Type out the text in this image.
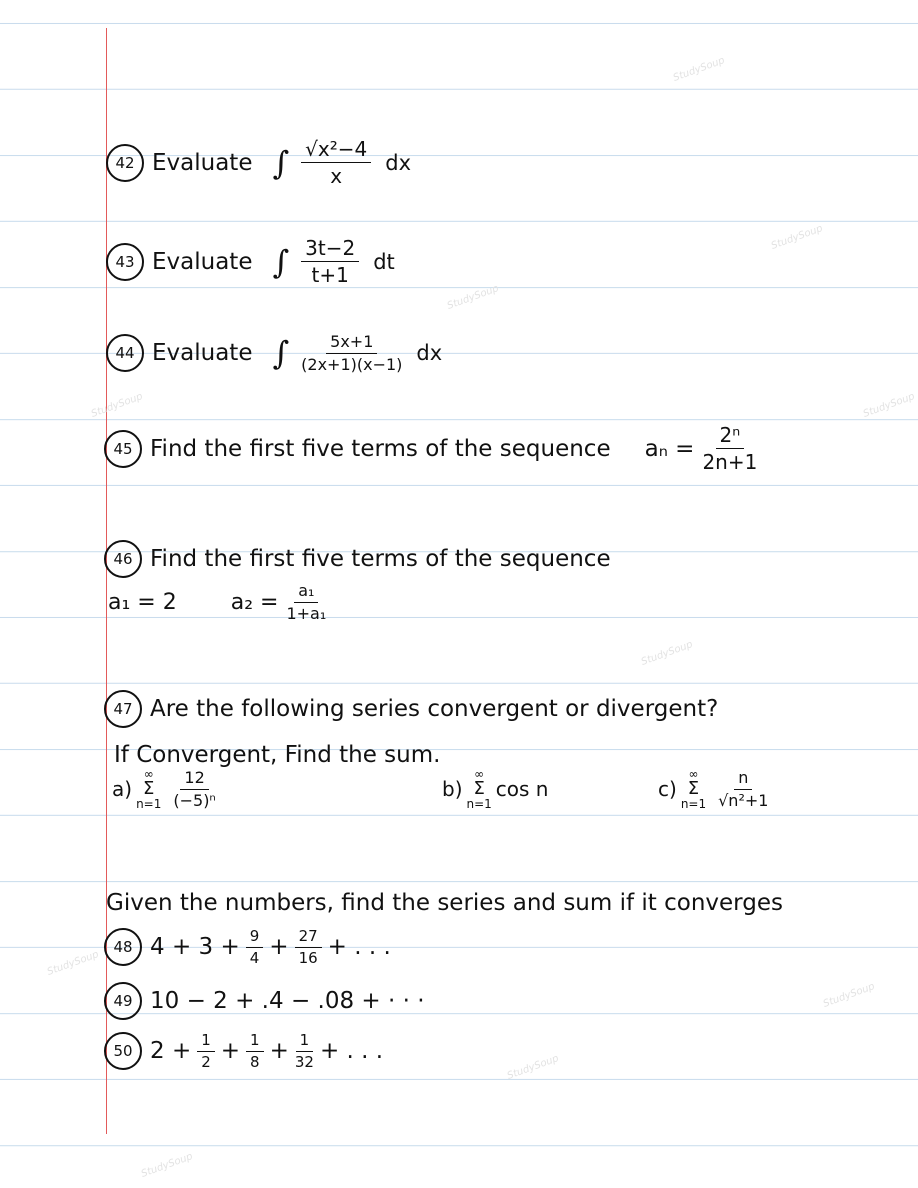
StudySoup
StudySoup
StudySoup
StudySoup	StudySoup
StudySoup
StudySoup
StudySoup
StudySoup
StudySoup
42 Evaluate ∫ $\frac{\text{√x²−4}}{x}$ dx
43 Evaluate ∫ $\frac{3t-2}{t+1}$ dt
44 Evaluate ∫ $\frac{5x+1}{(2x+1)(x-1)}$ dx
45 Find the first five terms of the sequence $a_n = \frac{\text{2ⁿ}}{2n+1}$
46 Find the first five terms of the sequence
a₁ = 2 $a_2 = \frac{\text{a₁}}{\text{1+a₁}}$
47 Are the following series convergent or divergent?
If Convergent, Find the sum.
a)
∞
Σ
$n=1 \frac{12}{\text{(−5)ⁿ}}$	b)
∞
Σ
n=1
cos n	c)
∞
Σ
$n=1 \frac{n}{\text{√n²+1}}$
Given the numbers, find the series and sum if it converges
48 $4 + 3 + \frac{9}{4} + \frac{27}{16}$ + . . .
49 10 − 2 + .4 − .08 + · · ·
50 $2 + \frac{1}{2} + \frac{1}{8} + \frac{1}{32}$ + . . .
